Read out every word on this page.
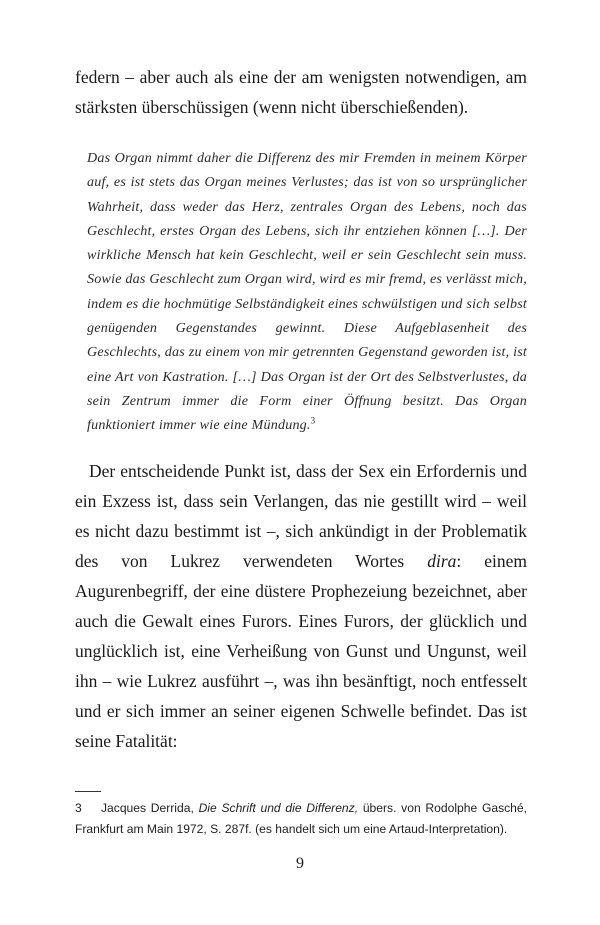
federn – aber auch als eine der am wenigsten notwendigen, am stärksten überschüssigen (wenn nicht überschießenden).

Das Organ nimmt daher die Differenz des mir Fremden in meinem Körper auf, es ist stets das Organ meines Verlustes; das ist von so ursprünglicher Wahrheit, dass weder das Herz, zentrales Organ des Lebens, noch das Geschlecht, erstes Organ des Lebens, sich ihr entziehen können […]. Der wirkliche Mensch hat kein Geschlecht, weil er sein Geschlecht sein muss. Sowie das Geschlecht zum Organ wird, wird es mir fremd, es verlässt mich, indem es die hochmütige Selbständigkeit eines schwülstigen und sich selbst genügenden Gegenstandes gewinnt. Diese Aufgeblasenheit des Geschlechts, das zu einem von mir getrennten Gegenstand geworden ist, ist eine Art von Kastration. […] Das Organ ist der Ort des Selbstverlustes, da sein Zentrum immer die Form einer Öffnung besitzt. Das Organ funktioniert immer wie eine Mündung.$^3$

Der entscheidende Punkt ist, dass der Sex ein Erfordernis und ein Exzess ist, dass sein Verlangen, das nie gestillt wird – weil es nicht dazu bestimmt ist –, sich ankündigt in der Problematik des von Lukrez verwendeten Wortes dira: einem Augurenbegriff, der eine düstere Prophezeiung bezeichnet, aber auch die Gewalt eines Furors. Eines Furors, der glücklich und unglücklich ist, eine Verheißung von Gunst und Ungunst, weil ihn – wie Lukrez ausführt –, was ihn besänftigt, noch entfesselt und er sich immer an seiner eigenen Schwelle befindet. Das ist seine Fatalität:

3 Jacques Derrida, Die Schrift und die Differenz, übers. von Rodolphe Gasché, Frankfurt am Main 1972, S. 287f. (es handelt sich um eine Artaud-Interpretation).

9
